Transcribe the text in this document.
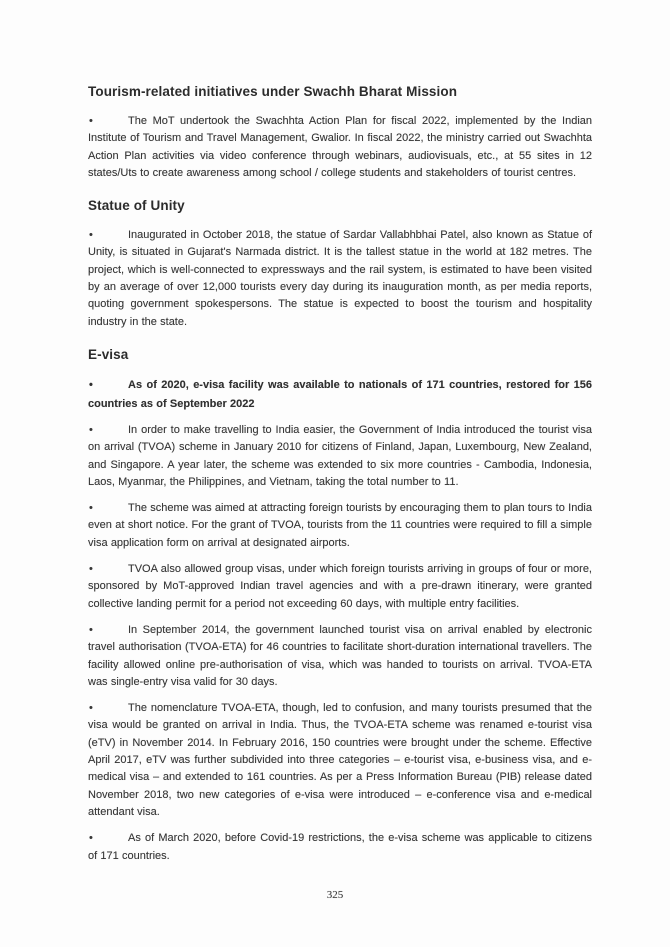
Tourism-related initiatives under Swachh Bharat Mission
•	The MoT undertook the Swachhta Action Plan for fiscal 2022, implemented by the Indian Institute of Tourism and Travel Management, Gwalior. In fiscal 2022, the ministry carried out Swachhta Action Plan activities via video conference through webinars, audiovisuals, etc., at 55 sites in 12 states/Uts to create awareness among school / college students and stakeholders of tourist centres.
Statue of Unity
•	Inaugurated in October 2018, the statue of Sardar Vallabhbhai Patel, also known as Statue of Unity, is situated in Gujarat's Narmada district. It is the tallest statue in the world at 182 metres. The project, which is well-connected to expressways and the rail system, is estimated to have been visited by an average of over 12,000 tourists every day during its inauguration month, as per media reports, quoting government spokespersons. The statue is expected to boost the tourism and hospitality industry in the state.
E-visa
•	As of 2020, e-visa facility was available to nationals of 171 countries, restored for 156 countries as of September 2022
•	In order to make travelling to India easier, the Government of India introduced the tourist visa on arrival (TVOA) scheme in January 2010 for citizens of Finland, Japan, Luxembourg, New Zealand, and Singapore. A year later, the scheme was extended to six more countries - Cambodia, Indonesia, Laos, Myanmar, the Philippines, and Vietnam, taking the total number to 11.
•	The scheme was aimed at attracting foreign tourists by encouraging them to plan tours to India even at short notice. For the grant of TVOA, tourists from the 11 countries were required to fill a simple visa application form on arrival at designated airports.
•	TVOA also allowed group visas, under which foreign tourists arriving in groups of four or more, sponsored by MoT-approved Indian travel agencies and with a pre-drawn itinerary, were granted collective landing permit for a period not exceeding 60 days, with multiple entry facilities.
•	In September 2014, the government launched tourist visa on arrival enabled by electronic travel authorisation (TVOA-ETA) for 46 countries to facilitate short-duration international travellers. The facility allowed online pre-authorisation of visa, which was handed to tourists on arrival. TVOA-ETA was single-entry visa valid for 30 days.
•	The nomenclature TVOA-ETA, though, led to confusion, and many tourists presumed that the visa would be granted on arrival in India. Thus, the TVOA-ETA scheme was renamed e-tourist visa (eTV) in November 2014. In February 2016, 150 countries were brought under the scheme. Effective April 2017, eTV was further subdivided into three categories – e-tourist visa, e-business visa, and e-medical visa – and extended to 161 countries. As per a Press Information Bureau (PIB) release dated November 2018, two new categories of e-visa were introduced – e-conference visa and e-medical attendant visa.
•	As of March 2020, before Covid-19 restrictions, the e-visa scheme was applicable to citizens of 171 countries.
325
